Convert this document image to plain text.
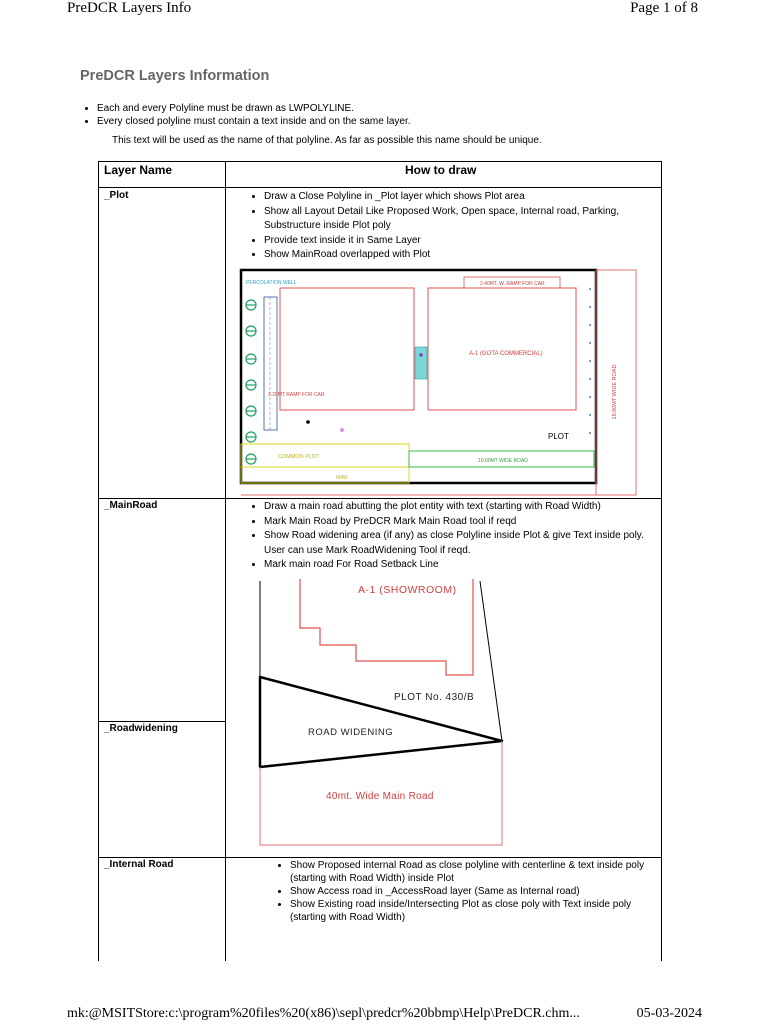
PreDCR Layers Info	Page 1 of 8
PreDCR Layers Information
• Each and every Polyline must be drawn as LWPOLYLINE.
• Every closed polyline must contain a text inside and on the same layer.
This text will be used as the name of that polyline. As far as possible this name should be unique.
Layer Name	How to draw
_Plot	• Draw a Close Polyline in _Plot layer which shows Plot area
• Show all Layout Detail Like Proposed Work, Open space, Internal road, Parking, Substructure inside Plot poly
• Provide text inside it in Same Layer
• Show MainRoad overlapped with Plot
18.00MT WIDE ROAD
PERCOLATION WELL
3.20MT RAMP FOR CAR
2.40MT. W. RAMP FOR CAR
A-1 (GOTA COMMERCIAL)
PLOT
COMMON PLOT
6MW
10.00MT WIDE ROAD
_MainRoad	• Draw a main road abutting the plot entity with text (starting with Road Width)
• Mark Main Road by PreDCR Mark Main Road tool if reqd
• Show Road widening area (if any) as close Polyline inside Plot & give Text inside poly. User can use Mark RoadWidening Tool if reqd.
• Mark main road For Road Setback Line
_Roadwidening
A-1 (SHOWROOM)
PLOT No. 430/B
ROAD WIDENING
40mt. Wide Main Road
_Internal Road	• Show Proposed internal Road as close polyline with centerline & text inside poly (starting with Road Width) inside Plot
• Show Access road in _AccessRoad layer (Same as Internal road)
• Show Existing road inside/Intersecting Plot as close poly with Text inside poly (starting with Road Width)
mk:@MSITStore:c:\program%20files%20(x86)\sepl\predcr%20bbmp\Help\PreDCR.chm...	05-03-2024
